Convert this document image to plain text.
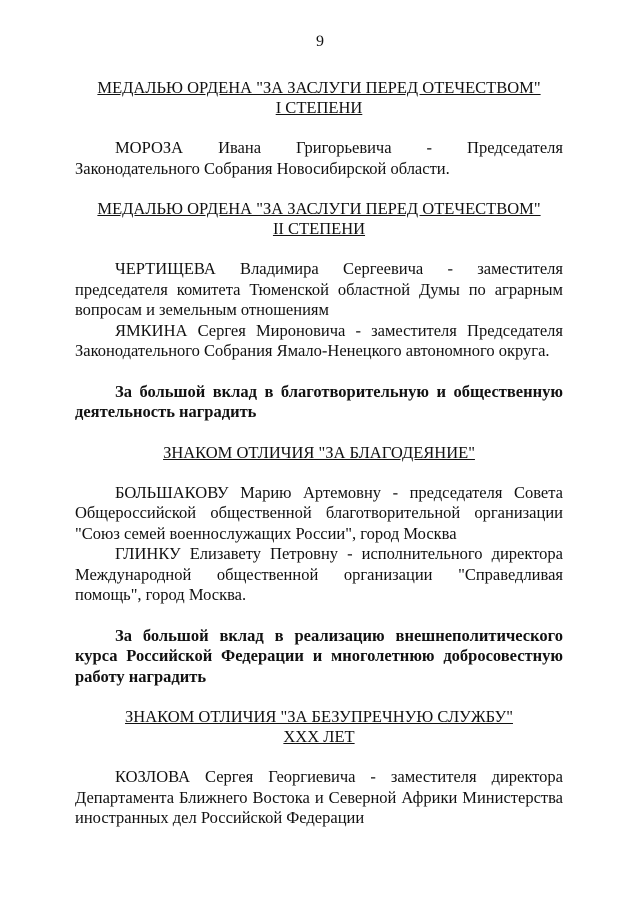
9
МЕДАЛЬЮ ОРДЕНА "ЗА ЗАСЛУГИ ПЕРЕД ОТЕЧЕСТВОМ"
I СТЕПЕНИ

МОРОЗА Ивана Григорьевича - Председателя Законодательного Собрания Новосибирской области.

МЕДАЛЬЮ ОРДЕНА "ЗА ЗАСЛУГИ ПЕРЕД ОТЕЧЕСТВОМ"
II СТЕПЕНИ

ЧЕРТИЩЕВА Владимира Сергеевича - заместителя председателя комитета Тюменской областной Думы по аграрным вопросам и земельным отношениям

ЯМКИНА Сергея Мироновича - заместителя Председателя Законодательного Собрания Ямало-Ненецкого автономного округа.

За большой вклад в благотворительную и общественную деятельность наградить

ЗНАКОМ ОТЛИЧИЯ "ЗА БЛАГОДЕЯНИЕ"

БОЛЬШАКОВУ Марию Артемовну - председателя Совета Общероссийской общественной благотворительной организации "Союз семей военнослужащих России", город Москва

ГЛИНКУ Елизавету Петровну - исполнительного директора Международной общественной организации "Справедливая помощь", город Москва.

За большой вклад в реализацию внешнеполитического курса Российской Федерации и многолетнюю добросовестную работу наградить

ЗНАКОМ ОТЛИЧИЯ "ЗА БЕЗУПРЕЧНУЮ СЛУЖБУ"
XXX ЛЕТ

КОЗЛОВА Сергея Георгиевича - заместителя директора Департамента Ближнего Востока и Северной Африки Министерства иностранных дел Российской Федерации
